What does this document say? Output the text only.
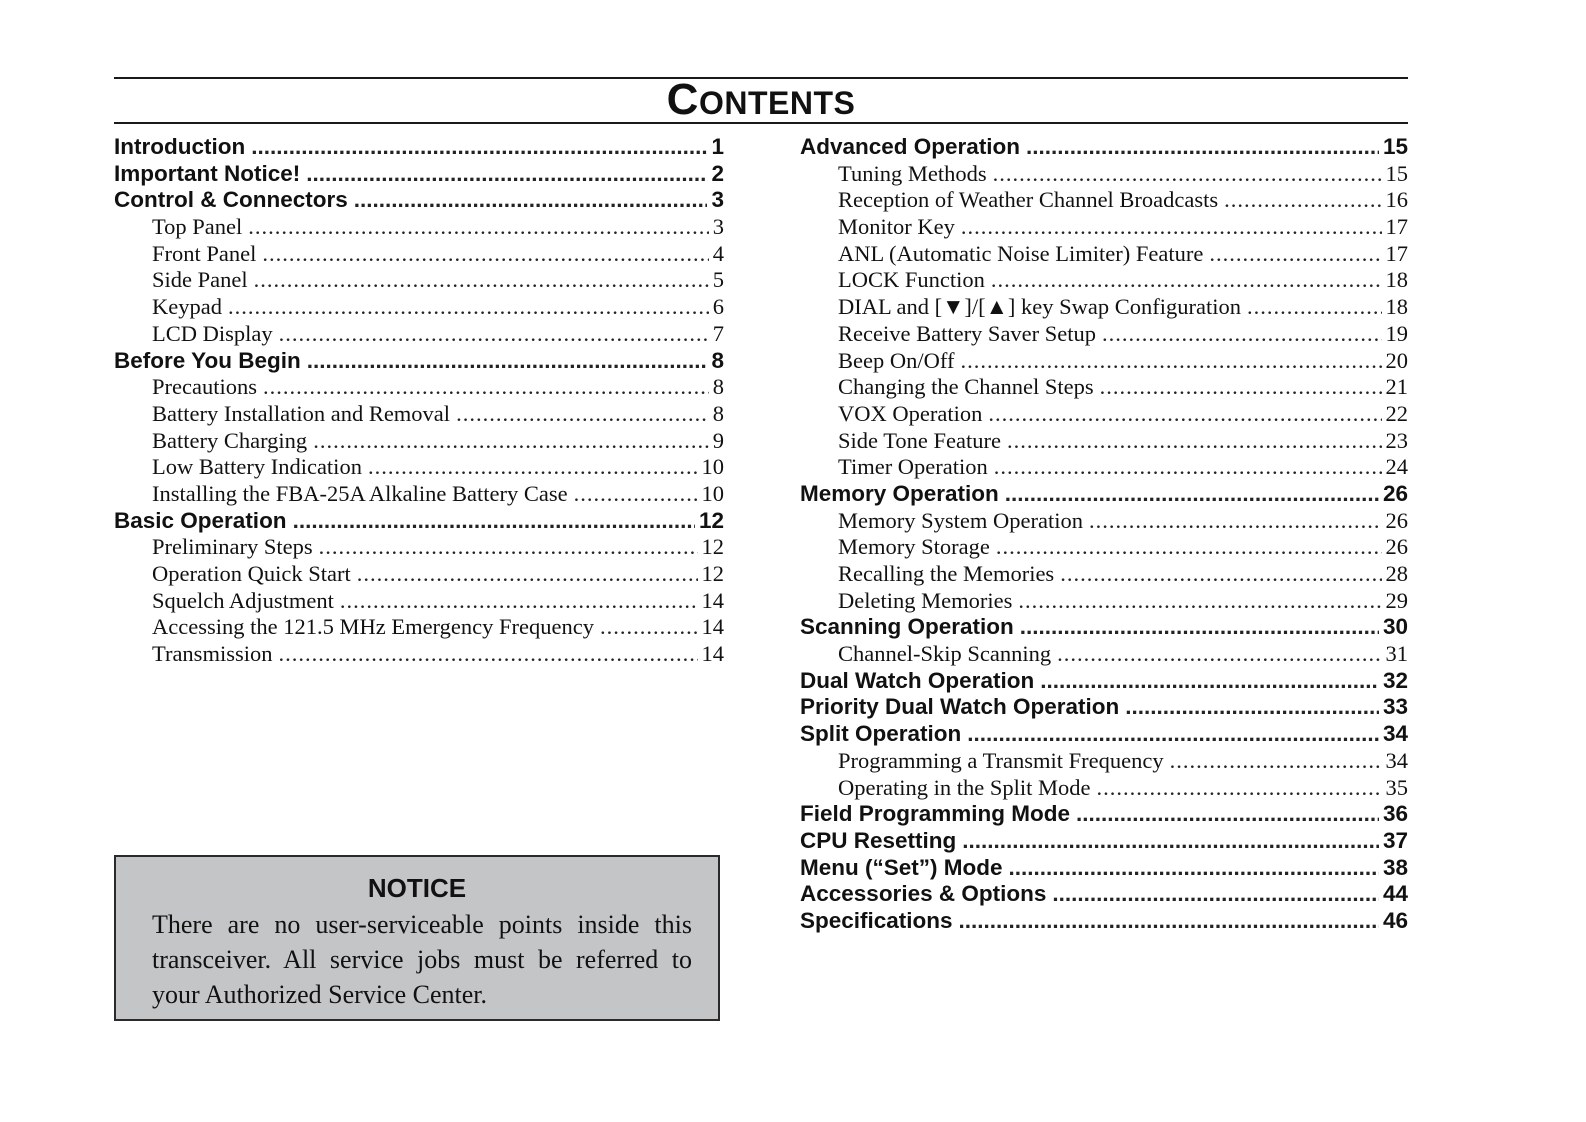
CONTENTS
Introduction .....	1
Important Notice! .....	2
Control & Connectors .....	3
Top Panel .....	3
Front Panel .....	4
Side Panel .....	5
Keypad .....	6
LCD Display .....	7
Before You Begin .....	8
Precautions .....	8
Battery Installation and Removal .....	8
Battery Charging .....	9
Low Battery Indication .....	10
Installing the FBA-25A Alkaline Battery Case .....	10
Basic Operation .....	12
Preliminary Steps .....	12
Operation Quick Start .....	12
Squelch Adjustment .....	14
Accessing the 121.5 MHz Emergency Frequency .....	14
Transmission .....	14
Advanced Operation .....	15
Tuning Methods .....	15
Reception of Weather Channel Broadcasts .....	16
Monitor Key .....	17
ANL (Automatic Noise Limiter) Feature .....	17
LOCK Function .....	18
DIAL and [▼]/[▲] key Swap Configuration .....	18
Receive Battery Saver Setup .....	19
Beep On/Off .....	20
Changing the Channel Steps .....	21
VOX Operation .....	22
Side Tone Feature .....	23
Timer Operation .....	24
Memory Operation .....	26
Memory System Operation .....	26
Memory Storage .....	26
Recalling the Memories .....	28
Deleting Memories .....	29
Scanning Operation .....	30
Channel-Skip Scanning .....	31
Dual Watch Operation .....	32
Priority Dual Watch Operation .....	33
Split Operation .....	34
Programming a Transmit Frequency .....	34
Operating in the Split Mode .....	35
Field Programming Mode .....	36
CPU Resetting .....	37
Menu (“Set”) Mode .....	38
Accessories & Options .....	44
Specifications .....	46
NOTICE
There are no user-serviceable points inside this transceiver. All service jobs must be referred to your Authorized Service Center.
